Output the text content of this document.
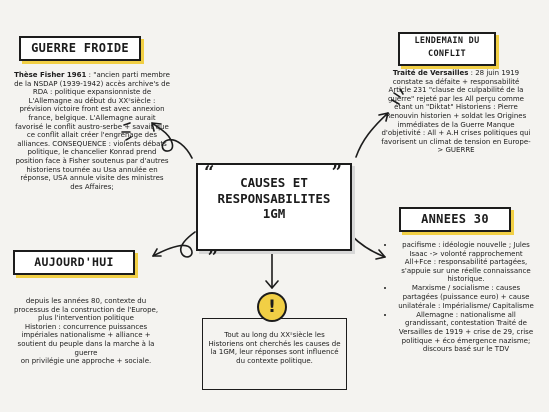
GUERRE FROIDE
Thèse Fisher 1961 : "ancien parti membre de la NSDAP (1939-1942) accès archive's de RDA : politique expansionniste de L'Allemagne au début du XXˢsiècle : prévision victoire front est avec annexion france, belgique. L'Allemagne aurait favorisé le conflit austro-serbe + savait que ce conflit allait créer l'engrenage des alliances. CONSEQUENCE : violents débats politique, le chancelier Konrad prend position face à Fisher soutenus par d'autres historiens tournée au Usa annulée en réponse, USA annule visite des ministres des Affaires;
LENDEMAIN DU
CONFLIT
Traité de Versailles : 28 juin 1919 constate sa défaite + responsabilité Article 231 "clause de culpabilité de la guerre" rejeté par les All perçu comme étant un "Diktat" Historiens : Pierre Renouvin historien + soldat les Origines immédiates de la Guerre Manque d'objetivité : All + A.H crises politiques qui favorisent un climat de tension en Europe-> GUERRE
“	”
CAUSES ET
RESPONSABILITES
1GM
„
ANNEES 30
• pacifisme : idéologie nouvelle ; Jules Isaac -> volonté rapprochement All+Fce : responsabilité partagées, s'appuie sur une réelle connaissance historique.
• Marxisme / socialisme : causes partagées (puissance euro) + cause unilatérale : Impérialisme/ Capitalisme
• Allemagne : nationalisme all grandissant, contestation Traité de Versailles de 1919 + crise de 29, crise politique + éco émergence nazisme; discours basé sur le TDV
AUJOURD'HUI
depuis les années 80, contexte du processus de la construction de l'Europe, plus l'intervention politique
Historien : concurrence puissances impériales nationalisme + alliance + soutient du peuple dans la marche à la guerre
on privilégie une approche + sociale.
!
Tout au long du XXˢsiècle les Historiens ont cherchés les causes de la 1GM, leur réponses sont influencé du contexte politique.
